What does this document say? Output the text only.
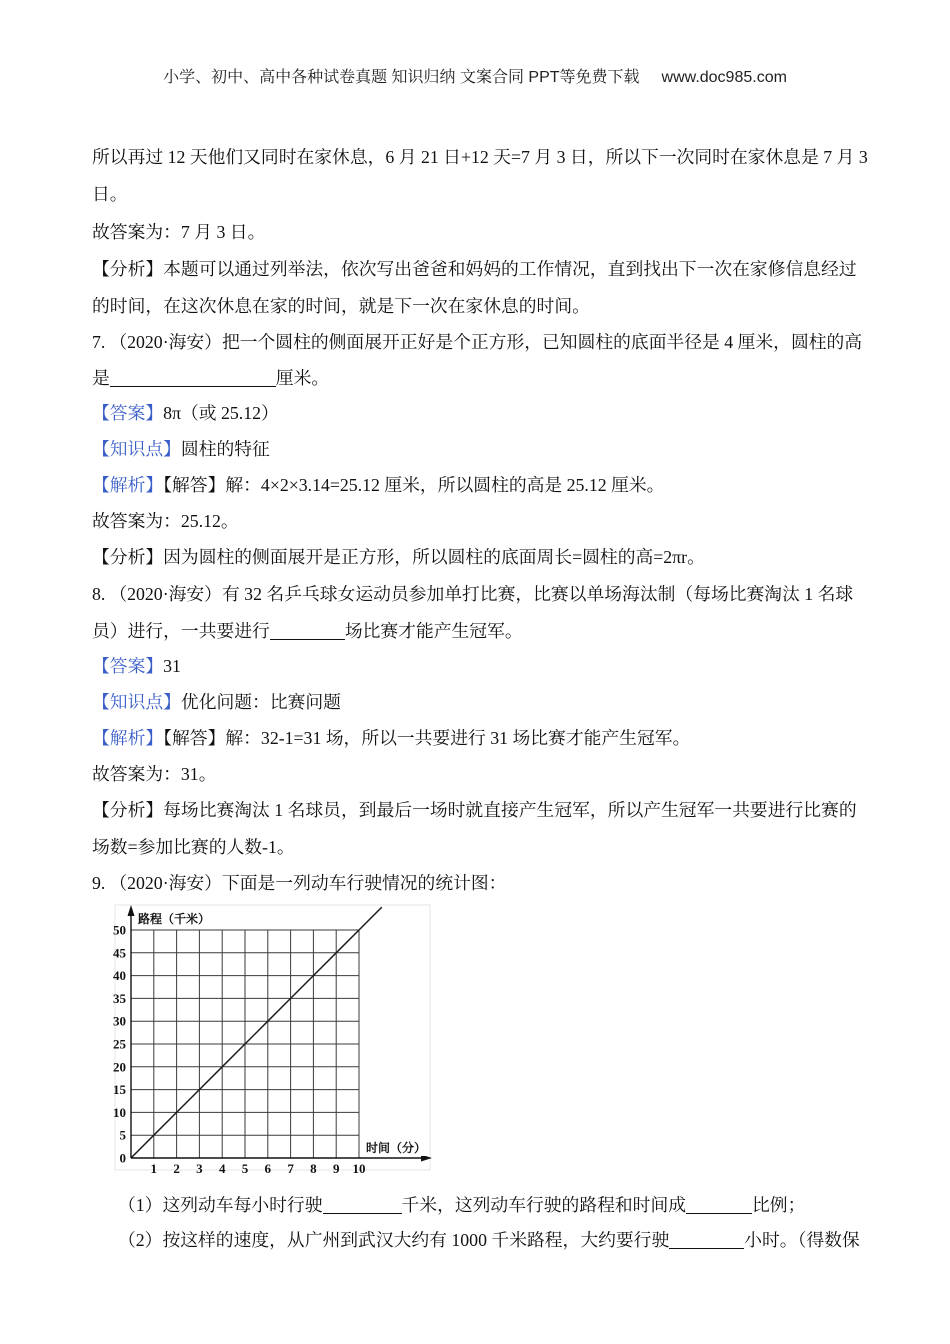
小学、初中、高中各种试卷真题 知识归纳 文案合同 PPT等免费下载 www.doc985.com
所以再过 12 天他们又同时在家休息，6 月 21 日+12 天=7 月 3 日，所以下一次同时在家休息是 7 月 3
日。
故答案为：7 月 3 日。
【分析】本题可以通过列举法，依次写出爸爸和妈妈的工作情况，直到找出下一次在家修信息经过
的时间，在这次休息在家的时间，就是下一次在家休息的时间。
7. （2020·海安）把一个圆柱的侧面展开正好是个正方形，已知圆柱的底面半径是 4 厘米，圆柱的高
是	厘米。
【答案】8π（或 25.12）
【知识点】圆柱的特征
【解析】【解答】解：4×2×3.14=25.12 厘米，所以圆柱的高是 25.12 厘米。
故答案为：25.12。
【分析】因为圆柱的侧面展开是正方形，所以圆柱的底面周长=圆柱的高=2πr。
8. （2020·海安）有 32 名乒乓球女运动员参加单打比赛，比赛以单场海汰制（每场比赛淘汰 1 名球
员）进行，一共要进行	场比赛才能产生冠军。
【答案】31
【知识点】优化问题：比赛问题
【解析】【解答】解：32-1=31 场，所以一共要进行 31 场比赛才能产生冠军。
故答案为：31。
【分析】每场比赛淘汰 1 名球员，到最后一场时就直接产生冠军，所以产生冠军一共要进行比赛的
场数=参加比赛的人数-1。
9. （2020·海安）下面是一列动车行驶情况的统计图：
1 2 3 4 5 6 7 8 9 10
0
5
10
15
20
25
30
35
40
45
50
路程（千米）
时间（分）
（1）这列动车每小时行驶	千米，这列动车行驶的路程和时间成	比例；
（2）按这样的速度，从广州到武汉大约有 1000 千米路程，大约要行驶	小时。（得数保
